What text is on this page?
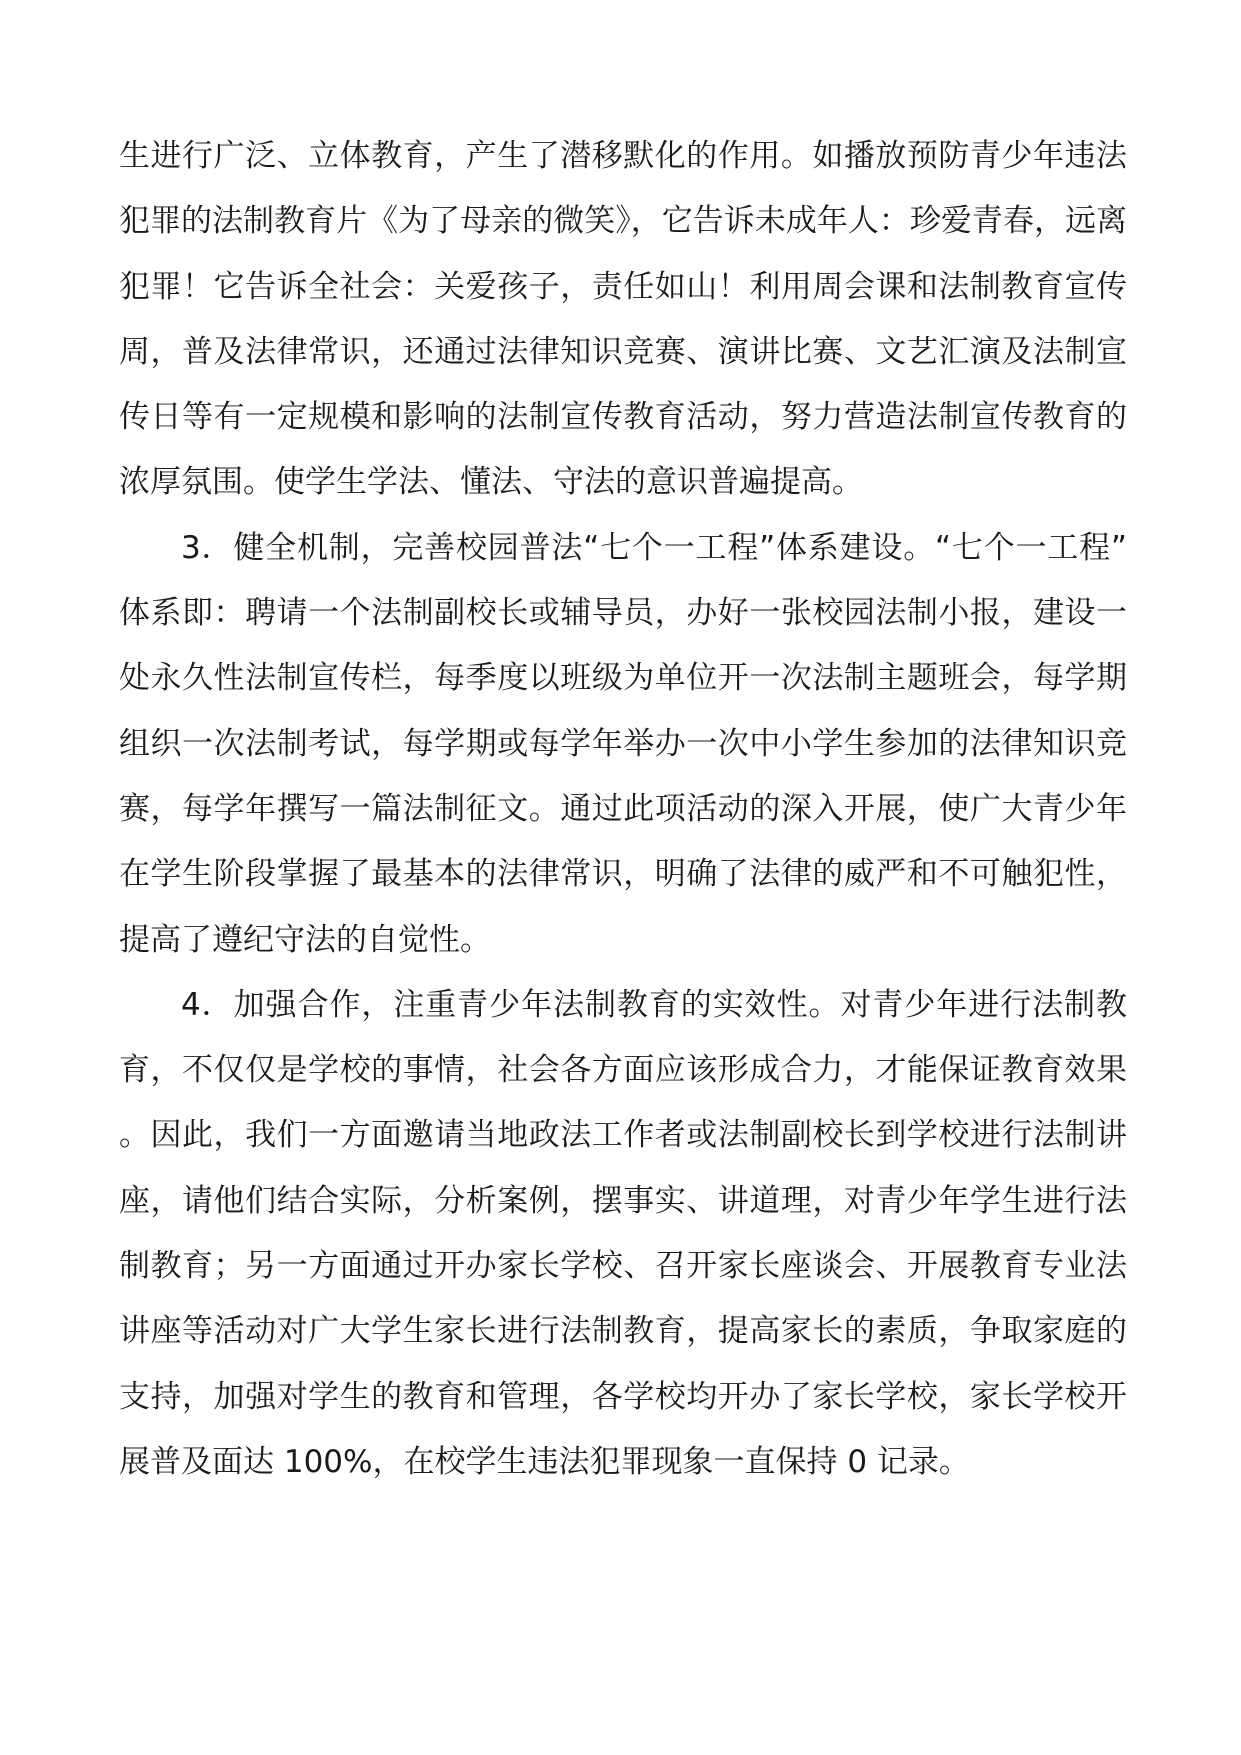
生进行广泛、立体教育，产生了潜移默化的作用。如播放预防青少年违法犯罪的法制教育片《为了母亲的微笑》，它告诉未成年人：珍爱青春，远离犯罪！它告诉全社会：关爱孩子，责任如山！利用周会课和法制教育宣传周，普及法律常识，还通过法律知识竞赛、演讲比赛、文艺汇演及法制宣传日等有一定规模和影响的法制宣传教育活动，努力营造法制宣传教育的浓厚氛围。使学生学法、懂法、守法的意识普遍提高。

3．健全机制，完善校园普法“七个一工程”体系建设。“七个一工程”体系即：聘请一个法制副校长或辅导员，办好一张校园法制小报，建设一处永久性法制宣传栏，每季度以班级为单位开一次法制主题班会，每学期组织一次法制考试，每学期或每学年举办一次中小学生参加的法律知识竞赛，每学年撰写一篇法制征文。通过此项活动的深入开展，使广大青少年在学生阶段掌握了最基本的法律常识，明确了法律的威严和不可触犯性，提高了遵纪守法的自觉性。

4．加强合作，注重青少年法制教育的实效性。对青少年进行法制教育，不仅仅是学校的事情，社会各方面应该形成合力，才能保证教育效果。因此，我们一方面邀请当地政法工作者或法制副校长到学校进行法制讲座，请他们结合实际，分析案例，摆事实、讲道理，对青少年学生进行法制教育；另一方面通过开办家长学校、召开家长座谈会、开展教育专业法讲座等活动对广大学生家长进行法制教育，提高家长的素质，争取家庭的支持，加强对学生的教育和管理，各学校均开办了家长学校，家长学校开展普及面达 100%，在校学生违法犯罪现象一直保持 0 记录。
